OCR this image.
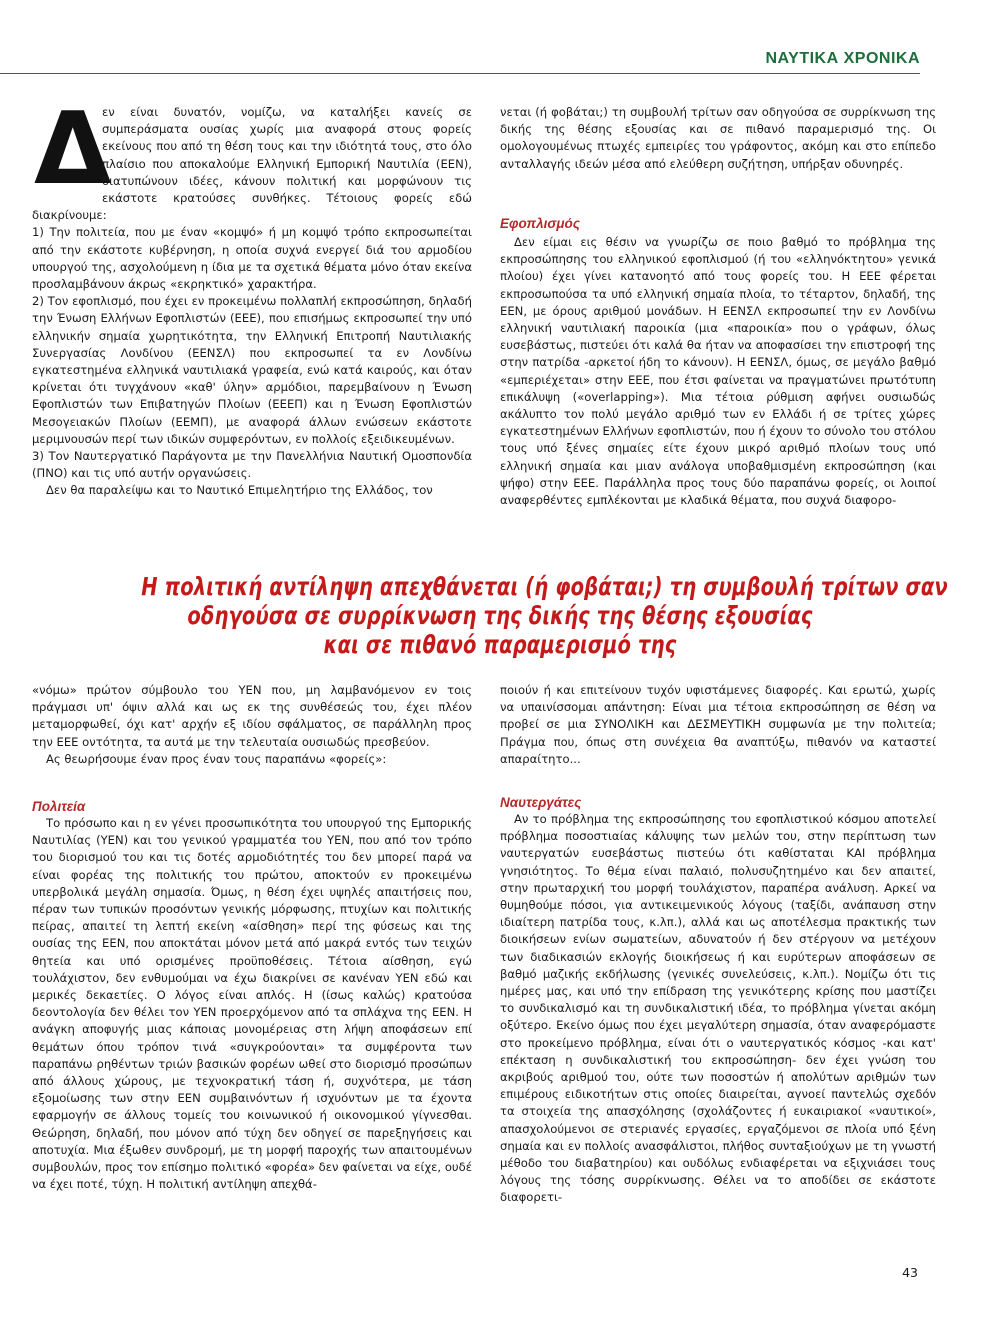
ΝΑΥΤΙΚΑ ΧΡΟΝΙΚΑ

Δ
εν είναι δυνατόν, νομίζω, να καταλήξει κανείς σε συμπεράσματα ουσίας χωρίς μια αναφορά στους φορείς εκείνους που από τη θέση τους και την ιδιότητά τους, στο όλο πλαίσιο που αποκαλούμε Ελληνική Εμπορική Ναυτιλία (ΕΕΝ), διατυπώνουν ιδέες, κάνουν πολιτική και μορφώνουν τις εκάστοτε κρατούσες συνθήκες. Τέτοιους φορείς εδώ διακρίνουμε:

1) Την πολιτεία, που με έναν «κομψό» ή μη κομψό τρόπο εκπροσωπείται από την εκάστοτε κυβέρνηση, η οποία συχνά ενεργεί διά του αρμοδίου υπουργού της, ασχολούμενη η ίδια με τα σχετικά θέματα μόνο όταν εκείνα προσλαμβάνουν άκρως «εκρηκτικό» χαρακτήρα.

2) Τον εφοπλισμό, που έχει εν προκειμένω πολλαπλή εκπροσώπηση, δηλαδή την Ένωση Ελλήνων Εφοπλιστών (ΕΕΕ), που επισήμως εκπροσωπεί την υπό ελληνικήν σημαία χωρητικότητα, την Ελληνική Επιτροπή Ναυτιλιακής Συνεργασίας Λονδίνου (ΕΕΝΣΛ) που εκπροσωπεί τα εν Λονδίνω εγκατεστημένα ελληνικά ναυτιλιακά γραφεία, ενώ κατά καιρούς, και όταν κρίνεται ότι τυγχάνουν «καθ' ύλην» αρμόδιοι, παρεμβαίνουν η Ένωση Εφοπλιστών των Επιβατηγών Πλοίων (ΕΕΕΠ) και η Ένωση Εφοπλιστών Μεσογειακών Πλοίων (ΕΕΜΠ), με αναφορά άλλων ενώσεων εκάστοτε μεριμνουσών περί των ιδικών συμφερόντων, εν πολλοίς εξειδικευμένων.

3) Τον Ναυτεργατικό Παράγοντα με την Πανελλήνια Ναυτική Ομοσπονδία (ΠΝΟ) και τις υπό αυτήν οργανώσεις.

Δεν θα παραλείψω και το Ναυτικό Επιμελητήριο της Ελλάδος, τον

νεται (ή φοβάται;) τη συμβουλή τρίτων σαν οδηγούσα σε συρρίκνωση της δικής της θέσης εξουσίας και σε πιθανό παραμερισμό της. Οι ομολογουμένως πτωχές εμπειρίες του γράφοντος, ακόμη και στο επίπεδο ανταλλαγής ιδεών μέσα από ελεύθερη συζήτηση, υπήρξαν οδυνηρές.

Εφοπλισμός

Δεν είμαι εις θέσιν να γνωρίζω σε ποιο βαθμό το πρόβλημα της εκπροσώπησης του ελληνικού εφοπλισμού (ή του «ελληνόκτητου» γενικά πλοίου) έχει γίνει κατανοητό από τους φορείς του. Η ΕΕΕ φέρεται εκπροσωπούσα τα υπό ελληνική σημαία πλοία, το τέταρτον, δηλαδή, της ΕΕΝ, με όρους αριθμού μονάδων. Η ΕΕΝΣΛ εκπροσωπεί την εν Λονδίνω ελληνική ναυτιλιακή παροικία (μια «παροικία» που ο γράφων, όλως ευσεβάστως, πιστεύει ότι καλά θα ήταν να αποφασίσει την επιστροφή της στην πατρίδα -αρκετοί ήδη το κάνουν). Η ΕΕΝΣΛ, όμως, σε μεγάλο βαθμό «εμπεριέχεται» στην ΕΕΕ, που έτσι φαίνεται να πραγματώνει πρωτότυπη επικάλυψη («overlapping»). Μια τέτοια ρύθμιση αφήνει ουσιωδώς ακάλυπτο τον πολύ μεγάλο αριθμό των εν Ελλάδι ή σε τρίτες χώρες εγκατεστημένων Ελλήνων εφοπλιστών, που ή έχουν το σύνολο του στόλου τους υπό ξένες σημαίες είτε έχουν μικρό αριθμό πλοίων τους υπό ελληνική σημαία και μιαν ανάλογα υποβαθμισμένη εκπροσώπηση (και ψήφο) στην ΕΕΕ. Παράλληλα προς τους δύο παραπάνω φορείς, οι λοιποί αναφερθέντες εμπλέκονται με κλαδικά θέματα, που συχνά διαφορο-

Η πολιτική αντίληψη απεχθάνεται (ή φοβάται;) τη συμβουλή τρίτων σαν
οδηγούσα σε συρρίκνωση της δικής της θέσης εξουσίας
και σε πιθανό παραμερισμό της

«νόμω» πρώτον σύμβουλο του ΥΕΝ που, μη λαμβανόμενον εν τοις πράγμασι υπ' όψιν αλλά και ως εκ της συνθέσεώς του, έχει πλέον μεταμορφωθεί, όχι κατ' αρχήν εξ ιδίου σφάλματος, σε παράλληλη προς την ΕΕΕ οντότητα, τα αυτά με την τελευταία ουσιωδώς πρεσβεύον.

Ας θεωρήσουμε έναν προς έναν τους παραπάνω «φορείς»:

ποιούν ή και επιτείνουν τυχόν υφιστάμενες διαφορές. Και ερωτώ, χωρίς να υπαινίσσομαι απάντηση: Είναι μια τέτοια εκπροσώπηση σε θέση να προβεί σε μια ΣΥΝΟΛΙΚΗ και ΔΕΣΜΕΥΤΙΚΗ συμφωνία με την πολιτεία; Πράγμα που, όπως στη συνέχεια θα αναπτύξω, πιθανόν να καταστεί απαραίτητο...

Πολιτεία

Το πρόσωπο και η εν γένει προσωπικότητα του υπουργού της Εμπορικής Ναυτιλίας (ΥΕΝ) και του γενικού γραμματέα του ΥΕΝ, που από τον τρόπο του διορισμού του και τις δοτές αρμοδιότητές του δεν μπορεί παρά να είναι φορέας της πολιτικής του πρώτου, αποκτούν εν προκειμένω υπερβολικά μεγάλη σημασία. Όμως, η θέση έχει υψηλές απαιτήσεις που, πέραν των τυπικών προσόντων γενικής μόρφωσης, πτυχίων και πολιτικής πείρας, απαιτεί τη λεπτή εκείνη «αίσθηση» περί της φύσεως και της ουσίας της ΕΕΝ, που αποκτάται μόνον μετά από μακρά εντός των τειχών θητεία και υπό ορισμένες προϋποθέσεις. Τέτοια αίσθηση, εγώ τουλάχιστον, δεν ενθυμούμαι να έχω διακρίνει σε κανέναν ΥΕΝ εδώ και μερικές δεκαετίες. Ο λόγος είναι απλός. Η (ίσως καλώς) κρατούσα δεοντολογία δεν θέλει τον ΥΕΝ προερχόμενον από τα σπλάχνα της ΕΕΝ. Η ανάγκη αποφυγής μιας κάποιας μονομέρειας στη λήψη αποφάσεων επί θεμάτων όπου τρόπον τινά «συγκρούονται» τα συμφέροντα των παραπάνω ρηθέντων τριών βασικών φορέων ωθεί στο διορισμό προσώπων από άλλους χώρους, με τεχνοκρατική τάση ή, συχνότερα, με τάση εξομοίωσης των στην ΕΕΝ συμβαινόντων ή ισχυόντων με τα έχοντα εφαρμογήν σε άλλους τομείς του κοινωνικού ή οικονομικού γίγνεσθαι. Θεώρηση, δηλαδή, που μόνον από τύχη δεν οδηγεί σε παρεξηγήσεις και αποτυχία. Μια έξωθεν συνδρομή, με τη μορφή παροχής των απαιτουμένων συμβουλών, προς τον επίσημο πολιτικό «φορέα» δεν φαίνεται να είχε, ουδέ να έχει ποτέ, τύχη. Η πολιτική αντίληψη απεχθά-

Ναυτεργάτες

Αν το πρόβλημα της εκπροσώπησης του εφοπλιστικού κόσμου αποτελεί πρόβλημα ποσοστιαίας κάλυψης των μελών του, στην περίπτωση των ναυτεργατών ευσεβάστως πιστεύω ότι καθίσταται ΚΑΙ πρόβλημα γνησιότητος. Το θέμα είναι παλαιό, πολυσυζητημένο και δεν απαιτεί, στην πρωταρχική του μορφή τουλάχιστον, παραπέρα ανάλυση. Αρκεί να θυμηθούμε πόσοι, για αντικειμενικούς λόγους (ταξίδι, ανάπαυση στην ιδιαίτερη πατρίδα τους, κ.λπ.), αλλά και ως αποτέλεσμα πρακτικής των διοικήσεων ενίων σωματείων, αδυνατούν ή δεν στέργουν να μετέχουν των διαδικασιών εκλογής διοικήσεως ή και ευρύτερων αποφάσεων σε βαθμό μαζικής εκδήλωσης (γενικές συνελεύσεις, κ.λπ.). Νομίζω ότι τις ημέρες μας, και υπό την επίδραση της γενικότερης κρίσης που μαστίζει το συνδικαλισμό και τη συνδικαλιστική ιδέα, το πρόβλημα γίνεται ακόμη οξύτερο. Εκείνο όμως που έχει μεγαλύτερη σημασία, όταν αναφερόμαστε στο προκείμενο πρόβλημα, είναι ότι ο ναυτεργατικός κόσμος -και κατ' επέκταση η συνδικαλιστική του εκπροσώπηση- δεν έχει γνώση του ακριβούς αριθμού του, ούτε των ποσοστών ή απολύτων αριθμών των επιμέρους ειδικοτήτων στις οποίες διαιρείται, αγνοεί παντελώς σχεδόν τα στοιχεία της απασχόλησης (σχολάζοντες ή ευκαιριακοί «ναυτικοί», απασχολούμενοι σε στεριανές εργασίες, εργαζόμενοι σε πλοία υπό ξένη σημαία και εν πολλοίς ανασφάλιστοι, πλήθος συνταξιούχων με τη γνωστή μέθοδο του διαβατηρίου) και ουδόλως ενδιαφέρεται να εξιχνιάσει τους λόγους της τόσης συρρίκνωσης. Θέλει να το αποδίδει σε εκάστοτε διαφορετι-

43
